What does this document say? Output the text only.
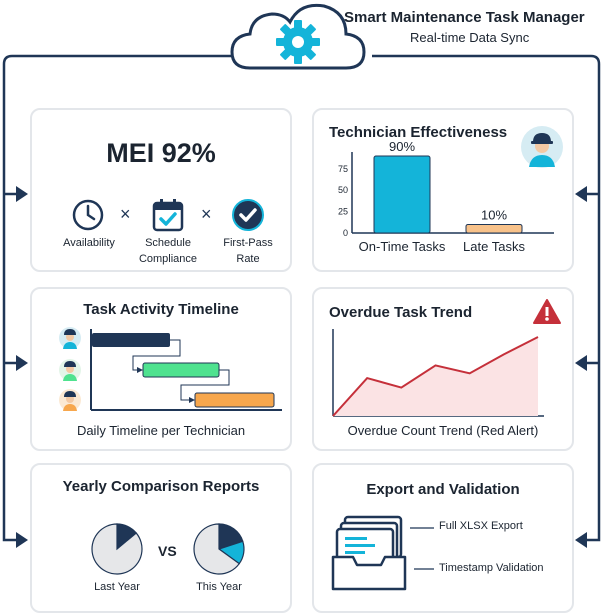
Smart Maintenance Task Manager
Real-time Data Sync
MEI 92%
×	×
Availability	Schedule
Compliance
First-Pass
Rate
Technician Effectiveness
0
25
50
75
90%
On-Time Tasks
10%
Late Tasks
Task Activity Timeline
Daily Timeline per Technician
Overdue Task Trend
Overdue Count Trend (Red Alert)
Yearly Comparison Reports
VS
Last Year	This Year
Export and Validation
Full XLSX Export
Timestamp Validation
